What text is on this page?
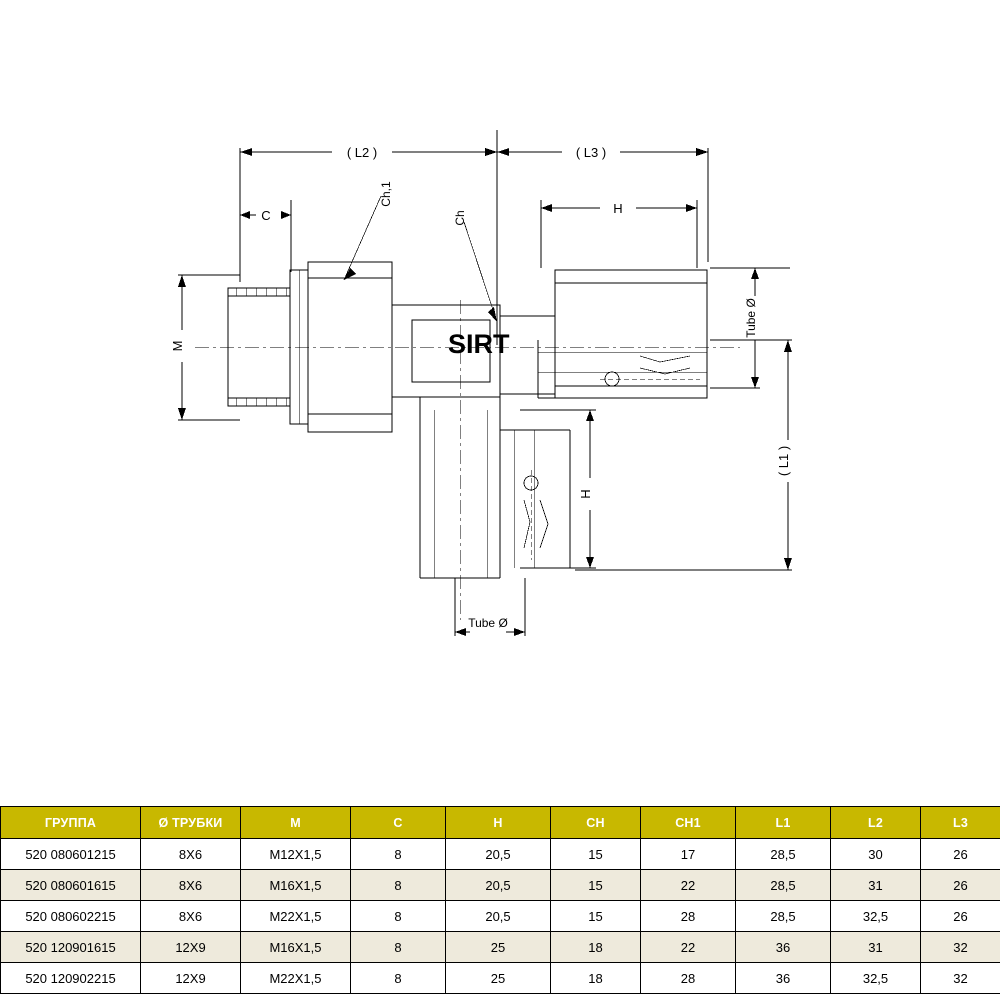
( L2 )	( L3 )
C	H
Ch,1
Ch
M
Tube Ø
( L1 )
H
Tube Ø
SIRT
ГРУППА	Ø ТРУБКИ	M	C	H	CH	CH1	L1	L2	L3
520 080601215	8X6	M12X1,5	8	20,5	15	17	28,5	30	26
520 080601615	8X6	M16X1,5	8	20,5	15	22	28,5	31	26
520 080602215	8X6	M22X1,5	8	20,5	15	28	28,5	32,5	26
520 120901615	12X9	M16X1,5	8	25	18	22	36	31	32
520 120902215	12X9	M22X1,5	8	25	18	28	36	32,5	32
